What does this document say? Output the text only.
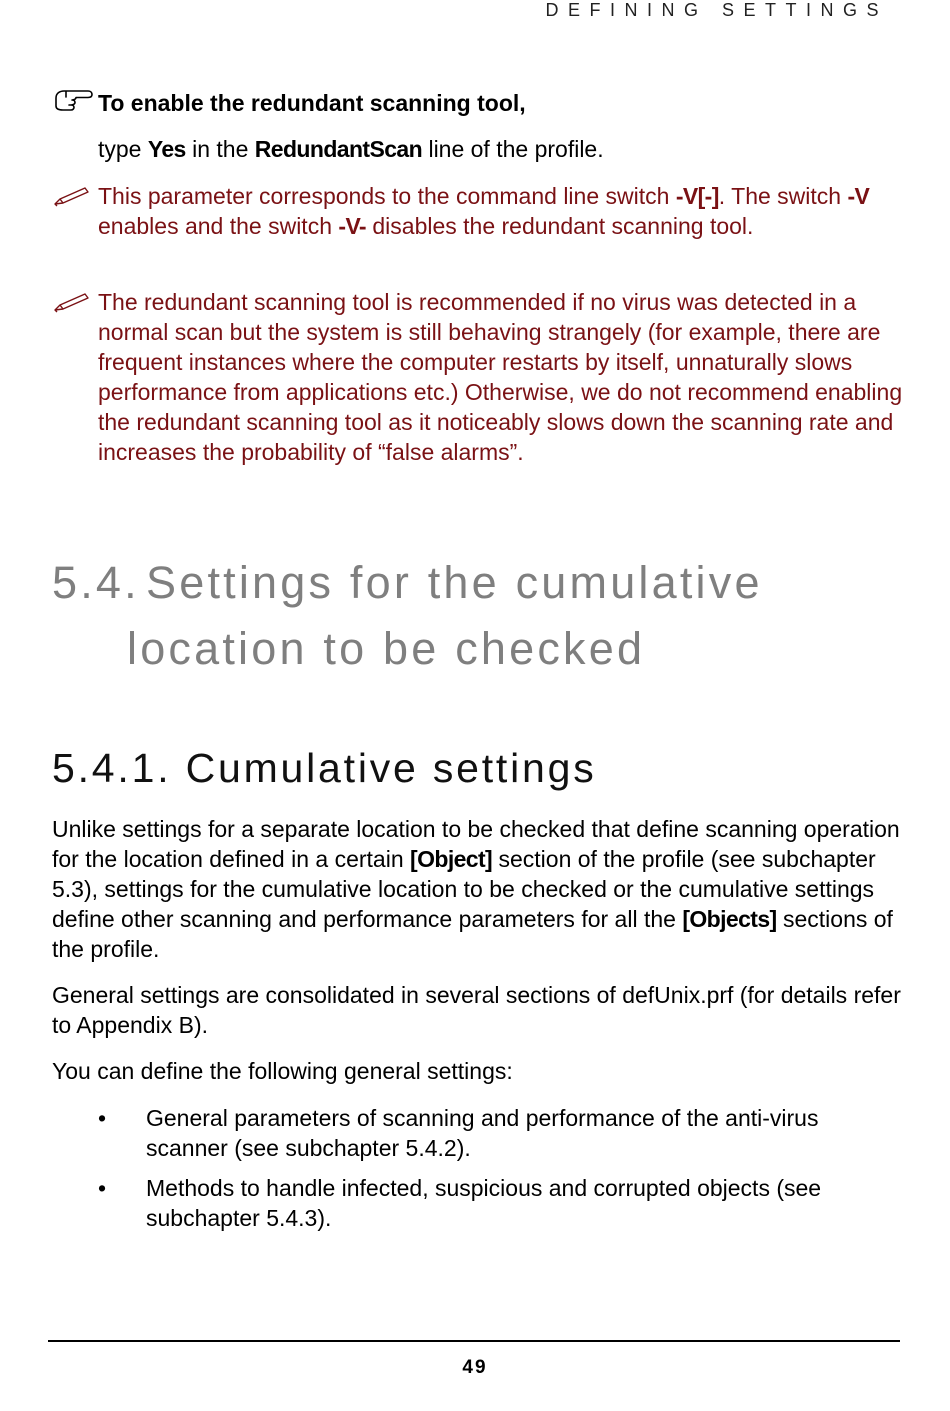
DEFINING SETTINGS
To enable the redundant scanning tool,
type Yes in the RedundantScan line of the profile.
This parameter corresponds to the command line switch -V[-]. The switch -V enables and the switch -V- disables the redundant scanning tool.
The redundant scanning tool is recommended if no virus was detected in a normal scan but the system is still behaving strangely (for example, there are frequent instances where the computer restarts by itself, unnaturally slows performance from applications etc.) Otherwise, we do not recommend enabling the redundant scanning tool as it noticeably slows down the scanning rate and increases the probability of “false alarms”.
5.4. Settings for the cumulative
location to be checked
5.4.1. Cumulative settings
Unlike settings for a separate location to be checked that define scanning operation for the location defined in a certain [Object] section of the profile (see subchapter 5.3), settings for the cumulative location to be checked or the cumulative settings define other scanning and performance parameters for all the [Objects] sections of the profile.
General settings are consolidated in several sections of defUnix.prf (for details refer to Appendix B).
You can define the following general settings:
• General parameters of scanning and performance of the anti-virus scanner (see subchapter 5.4.2).
• Methods to handle infected, suspicious and corrupted objects (see subchapter 5.4.3).
49
